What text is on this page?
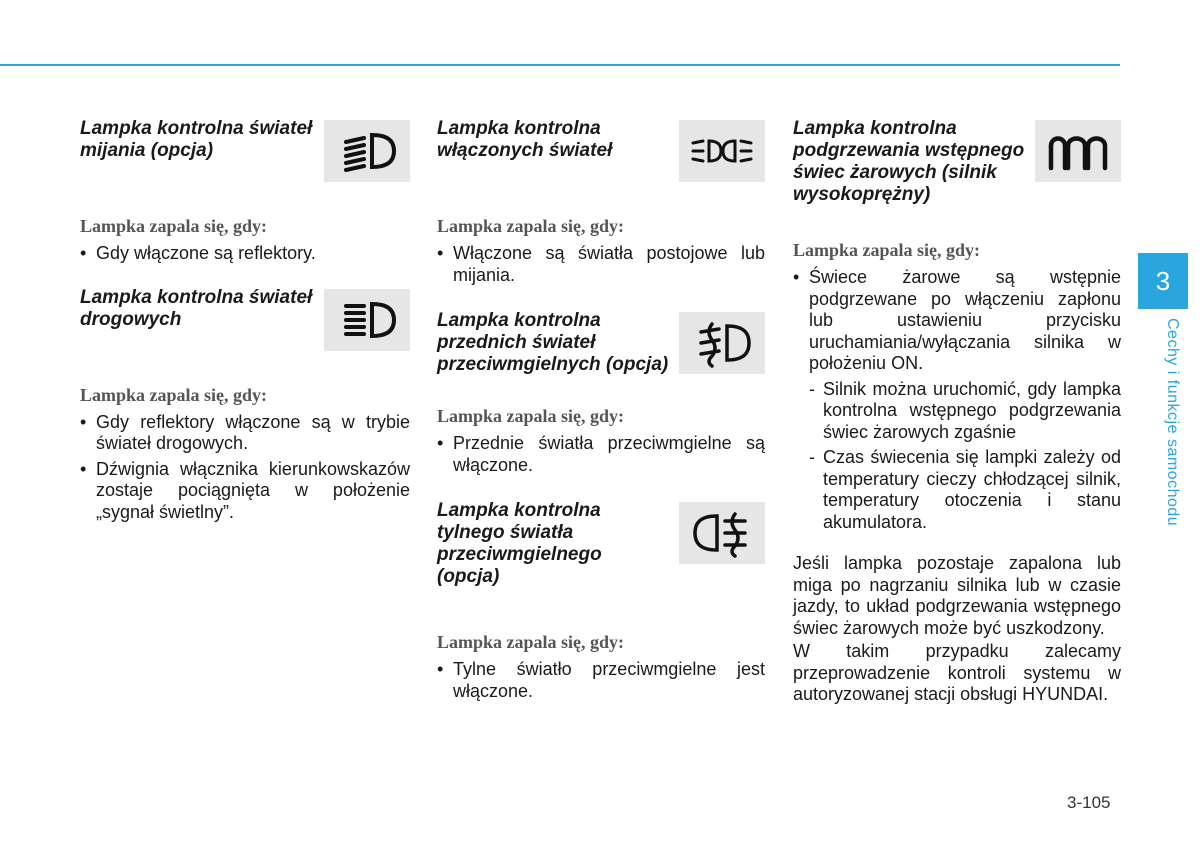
Lampka kontrolna świateł mijania (opcja)

Lampka zapala się, gdy:

• Gdy włączone są reflektory.

Lampka kontrolna świateł drogowych

Lampka zapala się, gdy:

• Gdy reflektory włączone są w trybie świateł drogowych.
• Dźwignia włącznika kierunkowskazów zostaje pociągnięta w położenie „sygnał świetlny”.

Lampka kontrolna włączonych świateł

Lampka zapala się, gdy:

• Włączone są światła postojowe lub mijania.

Lampka kontrolna przednich świateł przeciwmgielnych (opcja)

Lampka zapala się, gdy:

• Przednie światła przeciwmgielne są włączone.

Lampka kontrolna tylnego światła przeciwmgielnego (opcja)

Lampka zapala się, gdy:

• Tylne światło przeciwmgielne jest włączone.

Lampka kontrolna podgrzewania wstępnego świec żarowych (silnik wysokoprężny)

Lampka zapala się, gdy:

• Świece żarowe są wstępnie podgrzewane po włączeniu zapłonu lub ustawieniu przycisku uruchamiania/wyłączania silnika w położeniu ON.
- Silnik można uruchomić, gdy lampka kontrolna wstępnego podgrzewania świec żarowych zgaśnie
- Czas świecenia się lampki zależy od temperatury cieczy chłodzącej silnik, temperatury otoczenia i stanu akumulatora.

Jeśli lampka pozostaje zapalona lub miga po nagrzaniu silnika lub w czasie jazdy, to układ podgrzewania wstępnego świec żarowych może być uszkodzony.

W takim przypadku zalecamy przeprowadzenie kontroli systemu w autoryzowanej stacji obsługi HYUNDAI.

3
Cechy i funkcje samochodu
3-105
